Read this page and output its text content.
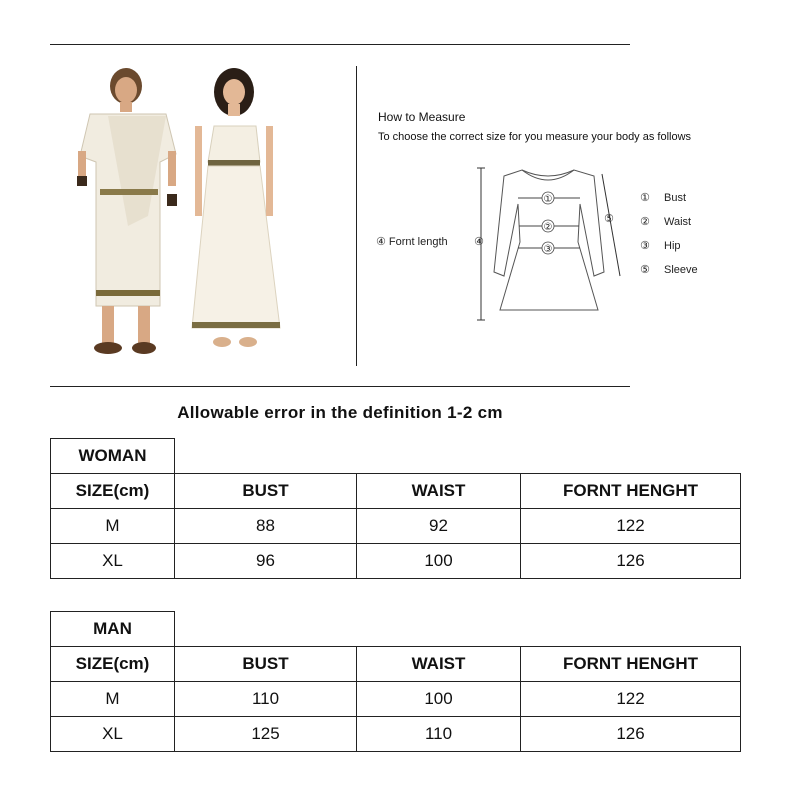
How to Measure
To choose the correct size for you measure your body as follows
④ Fornt length ④
①
②
③
⑤
① Bust
② Waist
③ Hip
⑤ Sleeve
Allowable error in the definition 1-2 cm
WOMAN			
SIZE(cm)	BUST	WAIST	FORNT HENGHT
M	88	92	122
XL	96	100	126
MAN			
SIZE(cm)	BUST	WAIST	FORNT HENGHT
M	110	100	122
XL	125	110	126
